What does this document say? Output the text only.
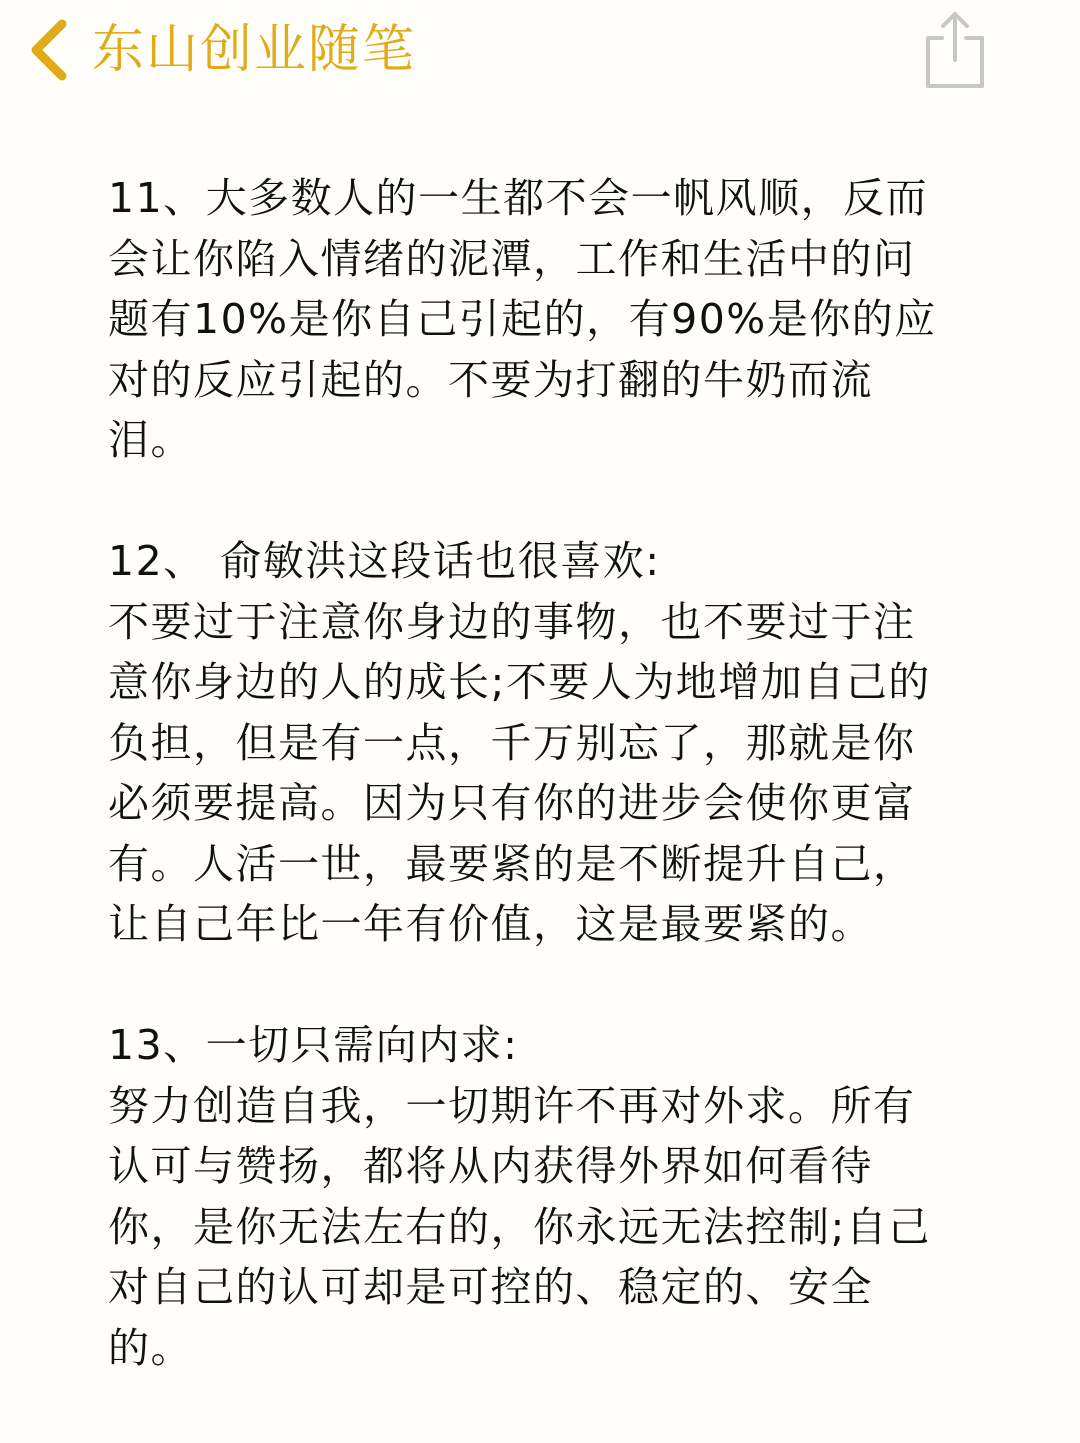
东山创业随笔
11、大多数人的一生都不会一帆风顺，反而
会让你陷入情绪的泥潭，工作和生活中的问
题有10%是你自己引起的，有90%是你的应
对的反应引起的。不要为打翻的牛奶而流
泪。
12、 俞敏洪这段话也很喜欢:
不要过于注意你身边的事物，也不要过于注
意你身边的人的成长;不要人为地增加自己的
负担，但是有一点，千万别忘了，那就是你
必须要提高。因为只有你的进步会使你更富
有。人活一世，最要紧的是不断提升自己，
让自己年比一年有价值，这是最要紧的。
13、一切只需向内求:
努力创造自我，一切期许不再对外求。所有
认可与赞扬，都将从内获得外界如何看待
你，是你无法左右的，你永远无法控制;自己
对自己的认可却是可控的、稳定的、安全
的。
